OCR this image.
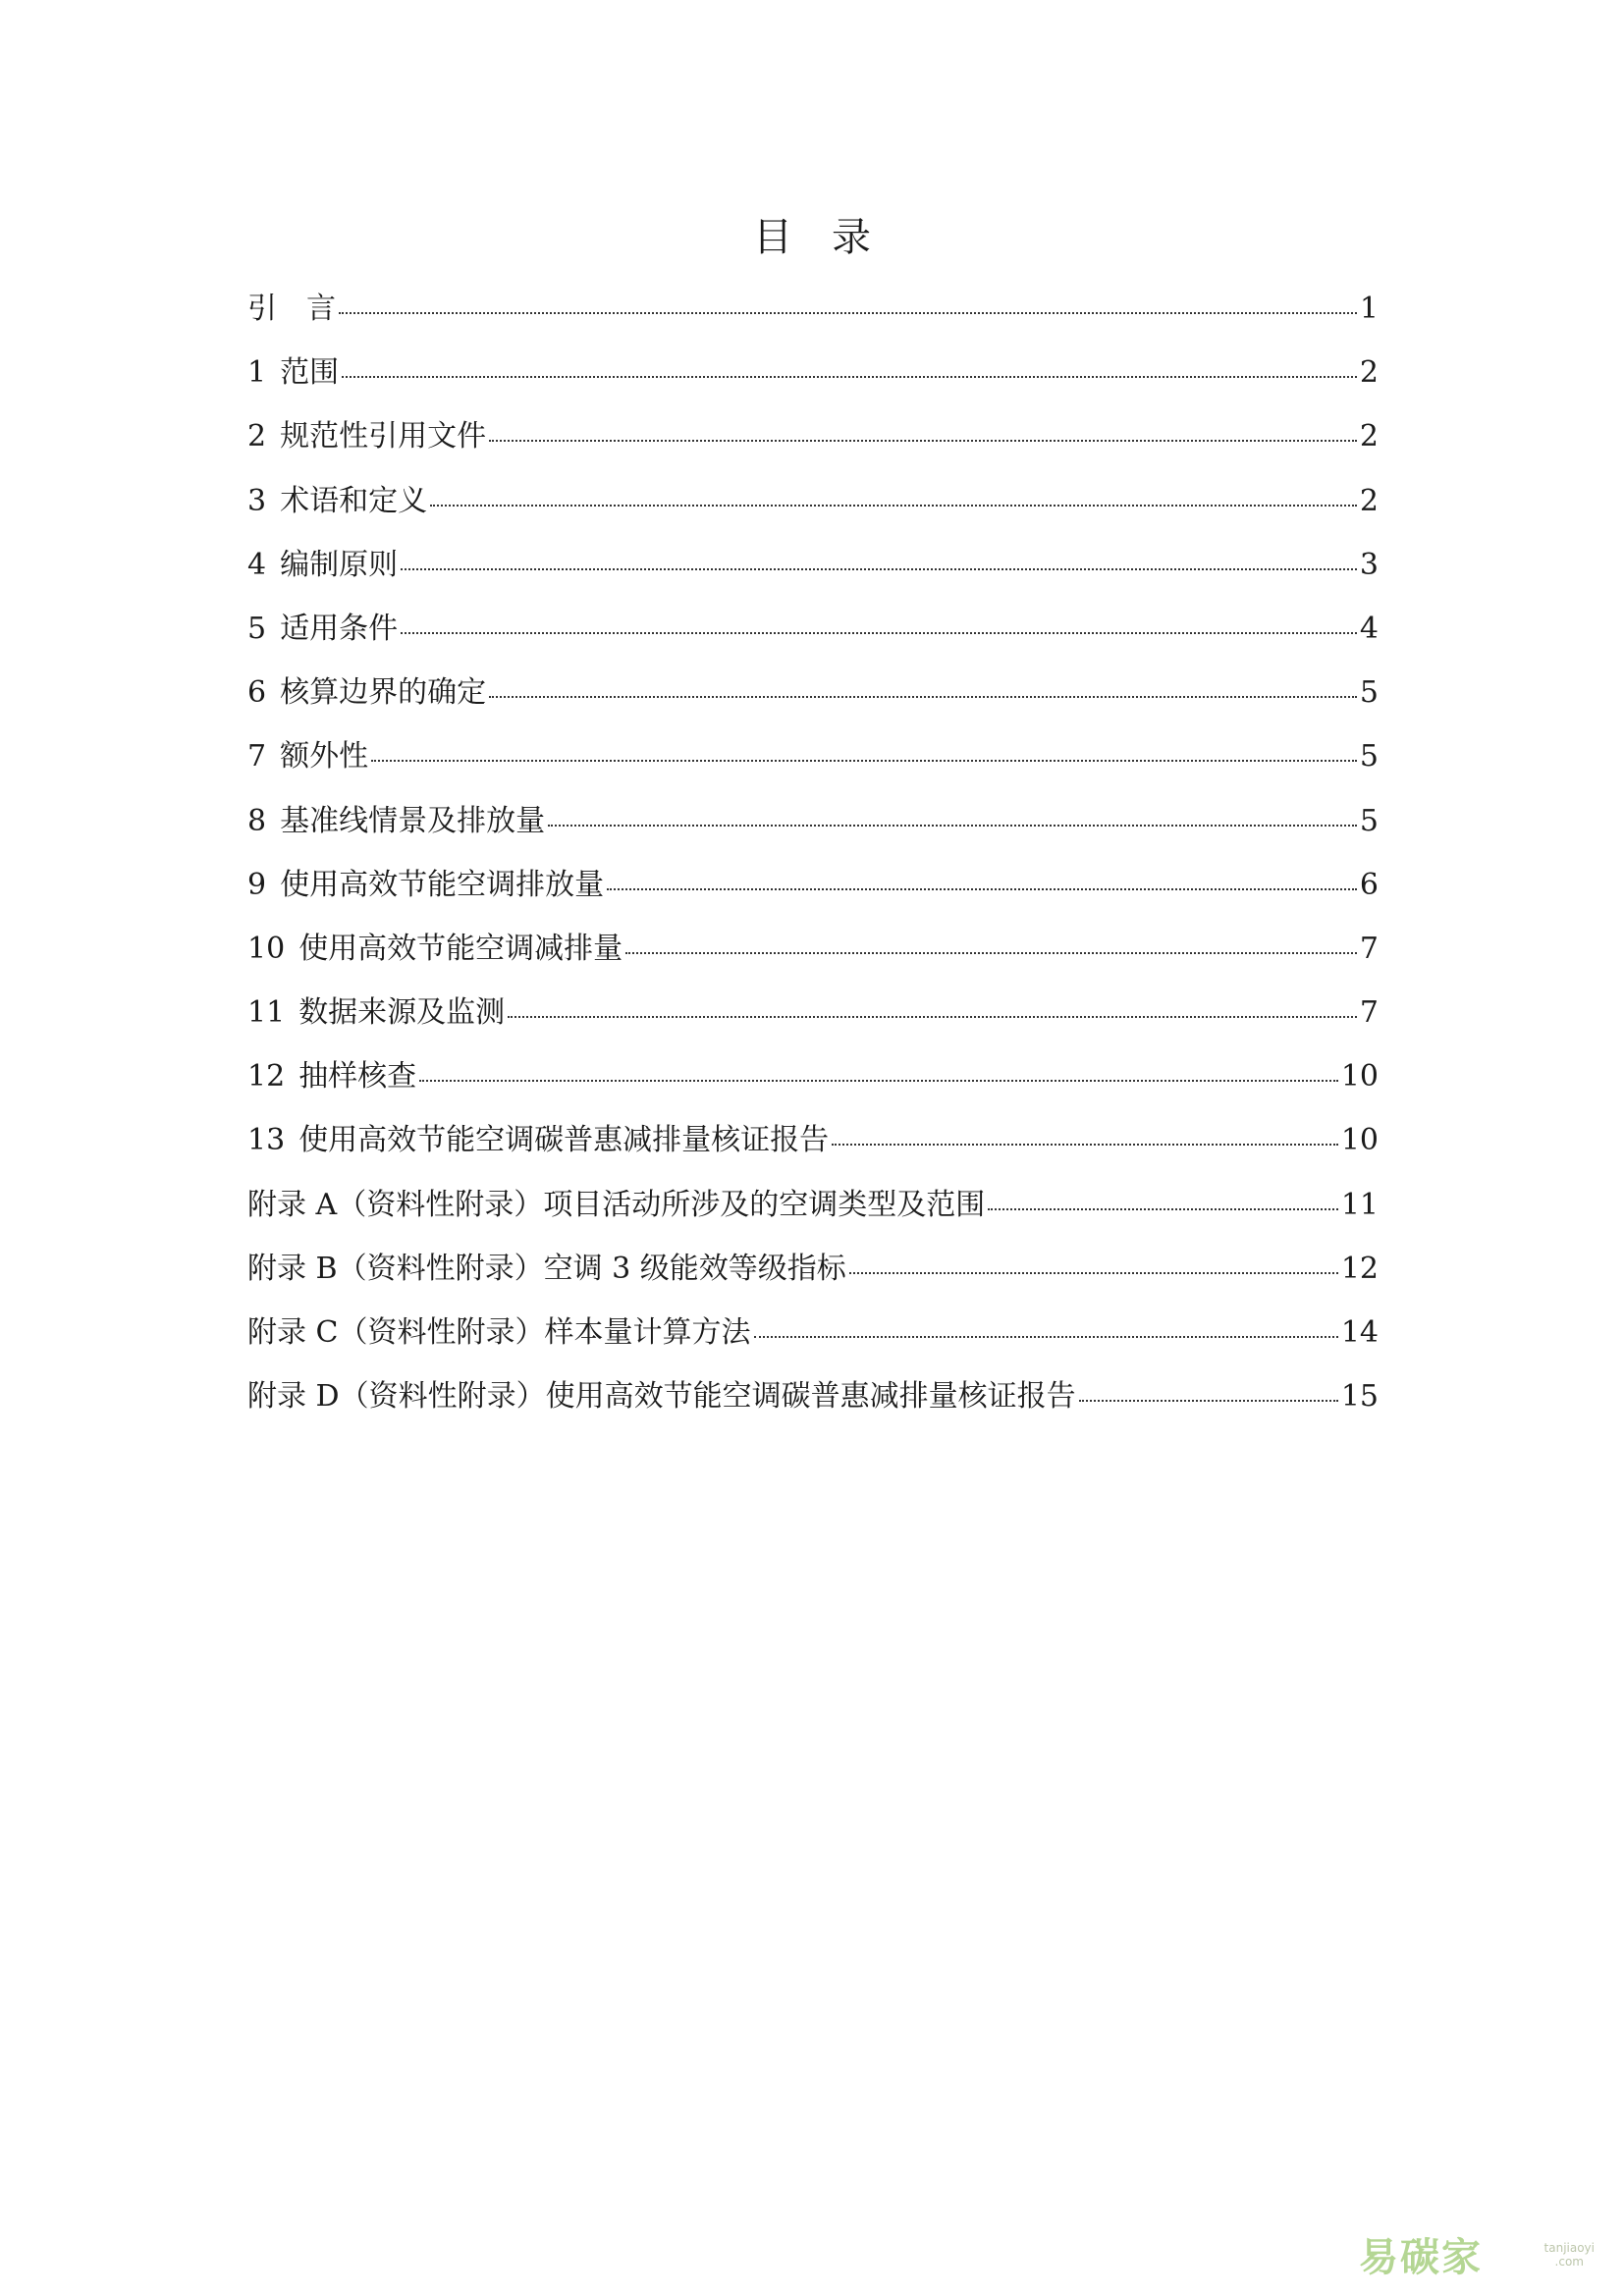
目 录
引　言	1
1 范围	2
2 规范性引用文件	2
3 术语和定义	2
4 编制原则	3
5 适用条件	4
6 核算边界的确定	5
7 额外性	5
8 基准线情景及排放量	5
9 使用高效节能空调排放量	6
10 使用高效节能空调减排量	7
11 数据来源及监测	7
12 抽样核查	10
13 使用高效节能空调碳普惠减排量核证报告	10
附录 A（资料性附录）项目活动所涉及的空调类型及范围	11
附录 B（资料性附录）空调 3 级能效等级指标	12
附录 C（资料性附录）样本量计算方法	14
附录 D（资料性附录）使用高效节能空调碳普惠减排量核证报告	15
易碳家	tanjiaoyi
.com
